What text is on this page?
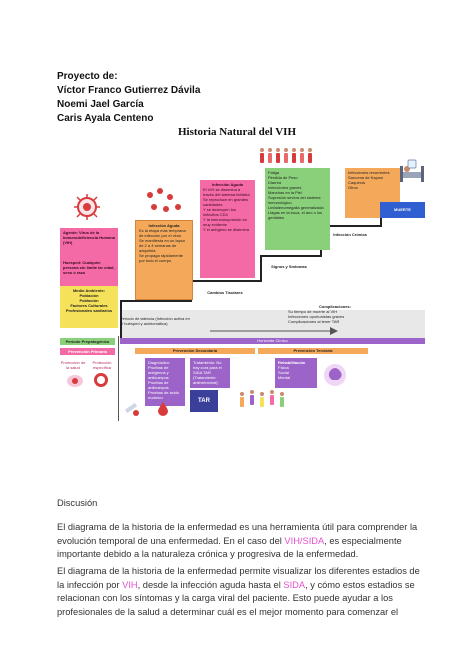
Proyecto de:
Víctor Franco Gutierrez Dávila
Noemi Jael García
Caris Ayala Centeno
Historia Natural del VIH
Agente: Virus de la Inmunodeficiencia Humana (VIH)
Huesped: Cualquier persona sin límite lar edad, sexo o raza
Medio Ambiente:
Población
Población
Factores Culturales
Profesionales sanitarios
Infección Aguda
Es la etapa más temprana de infección por el virus
Se manifiesta en un lapso de 2 a 4 semanas de adquirirla
Se propaga rápidamente por todo el cuerpo
Infección Aguda
El VIH se disemina a través del sistema linfático
Se reproduce en grandes cantidades
Y se destruyen los linfocitos CD4
Y la inmunosupresión es muy evidente
Y el antígeno se disemina
Fatiga
Pérdida de Peso
Diarrea
Infecciones graves
Manchas en la Piel
Supresión severa del sistema inmunológico
Linfadenomegalia generalizada
Llagas en la boca, el ano o los genitales
Infecciones recurrentes
Sarcoma de Kaposi
Caquexia
Otros
MUERTE
Infección Crónica
Signos y Síntomas
Cambios Tisulares
Periodo de latencia (Infección activa en el huésped y asintomática)
Complicaciones:
Su tiempo de muerte al VIH
Infecciones oportunistas graves
Complicaciones al tener TAR
Horizonte Clínico
Periodo Prepatogénico
Prevención Primaria
Promoción de la salud
Protección específica
Prevención Secundaria
Diagnóstico: Pruebas de antígenos y anticuerpos Pruebas de anticuerpos Pruebas de ácido nucleico
Tratamiento: No hay cura para el SIDA TAR (Tratamiento antirretroviral)
TAR
Prevención Terciaria
Rehabilitación
Física
Social
Mental
Discusión
El diagrama de la historia de la enfermedad es una herramienta útil para comprender la evolución temporal de una enfermedad. En el caso del VIH/SIDA, es especialmente importante debido a la naturaleza crónica y progresiva de la enfermedad.
El diagrama de la historia de la enfermedad permite visualizar los diferentes estadios de la infección por VIH, desde la infección aguda hasta el SIDA, y cómo estos estadios se relacionan con los síntomas y la carga viral del paciente. Esto puede ayudar a los profesionales de la salud a determinar cuál es el mejor momento para comenzar el
